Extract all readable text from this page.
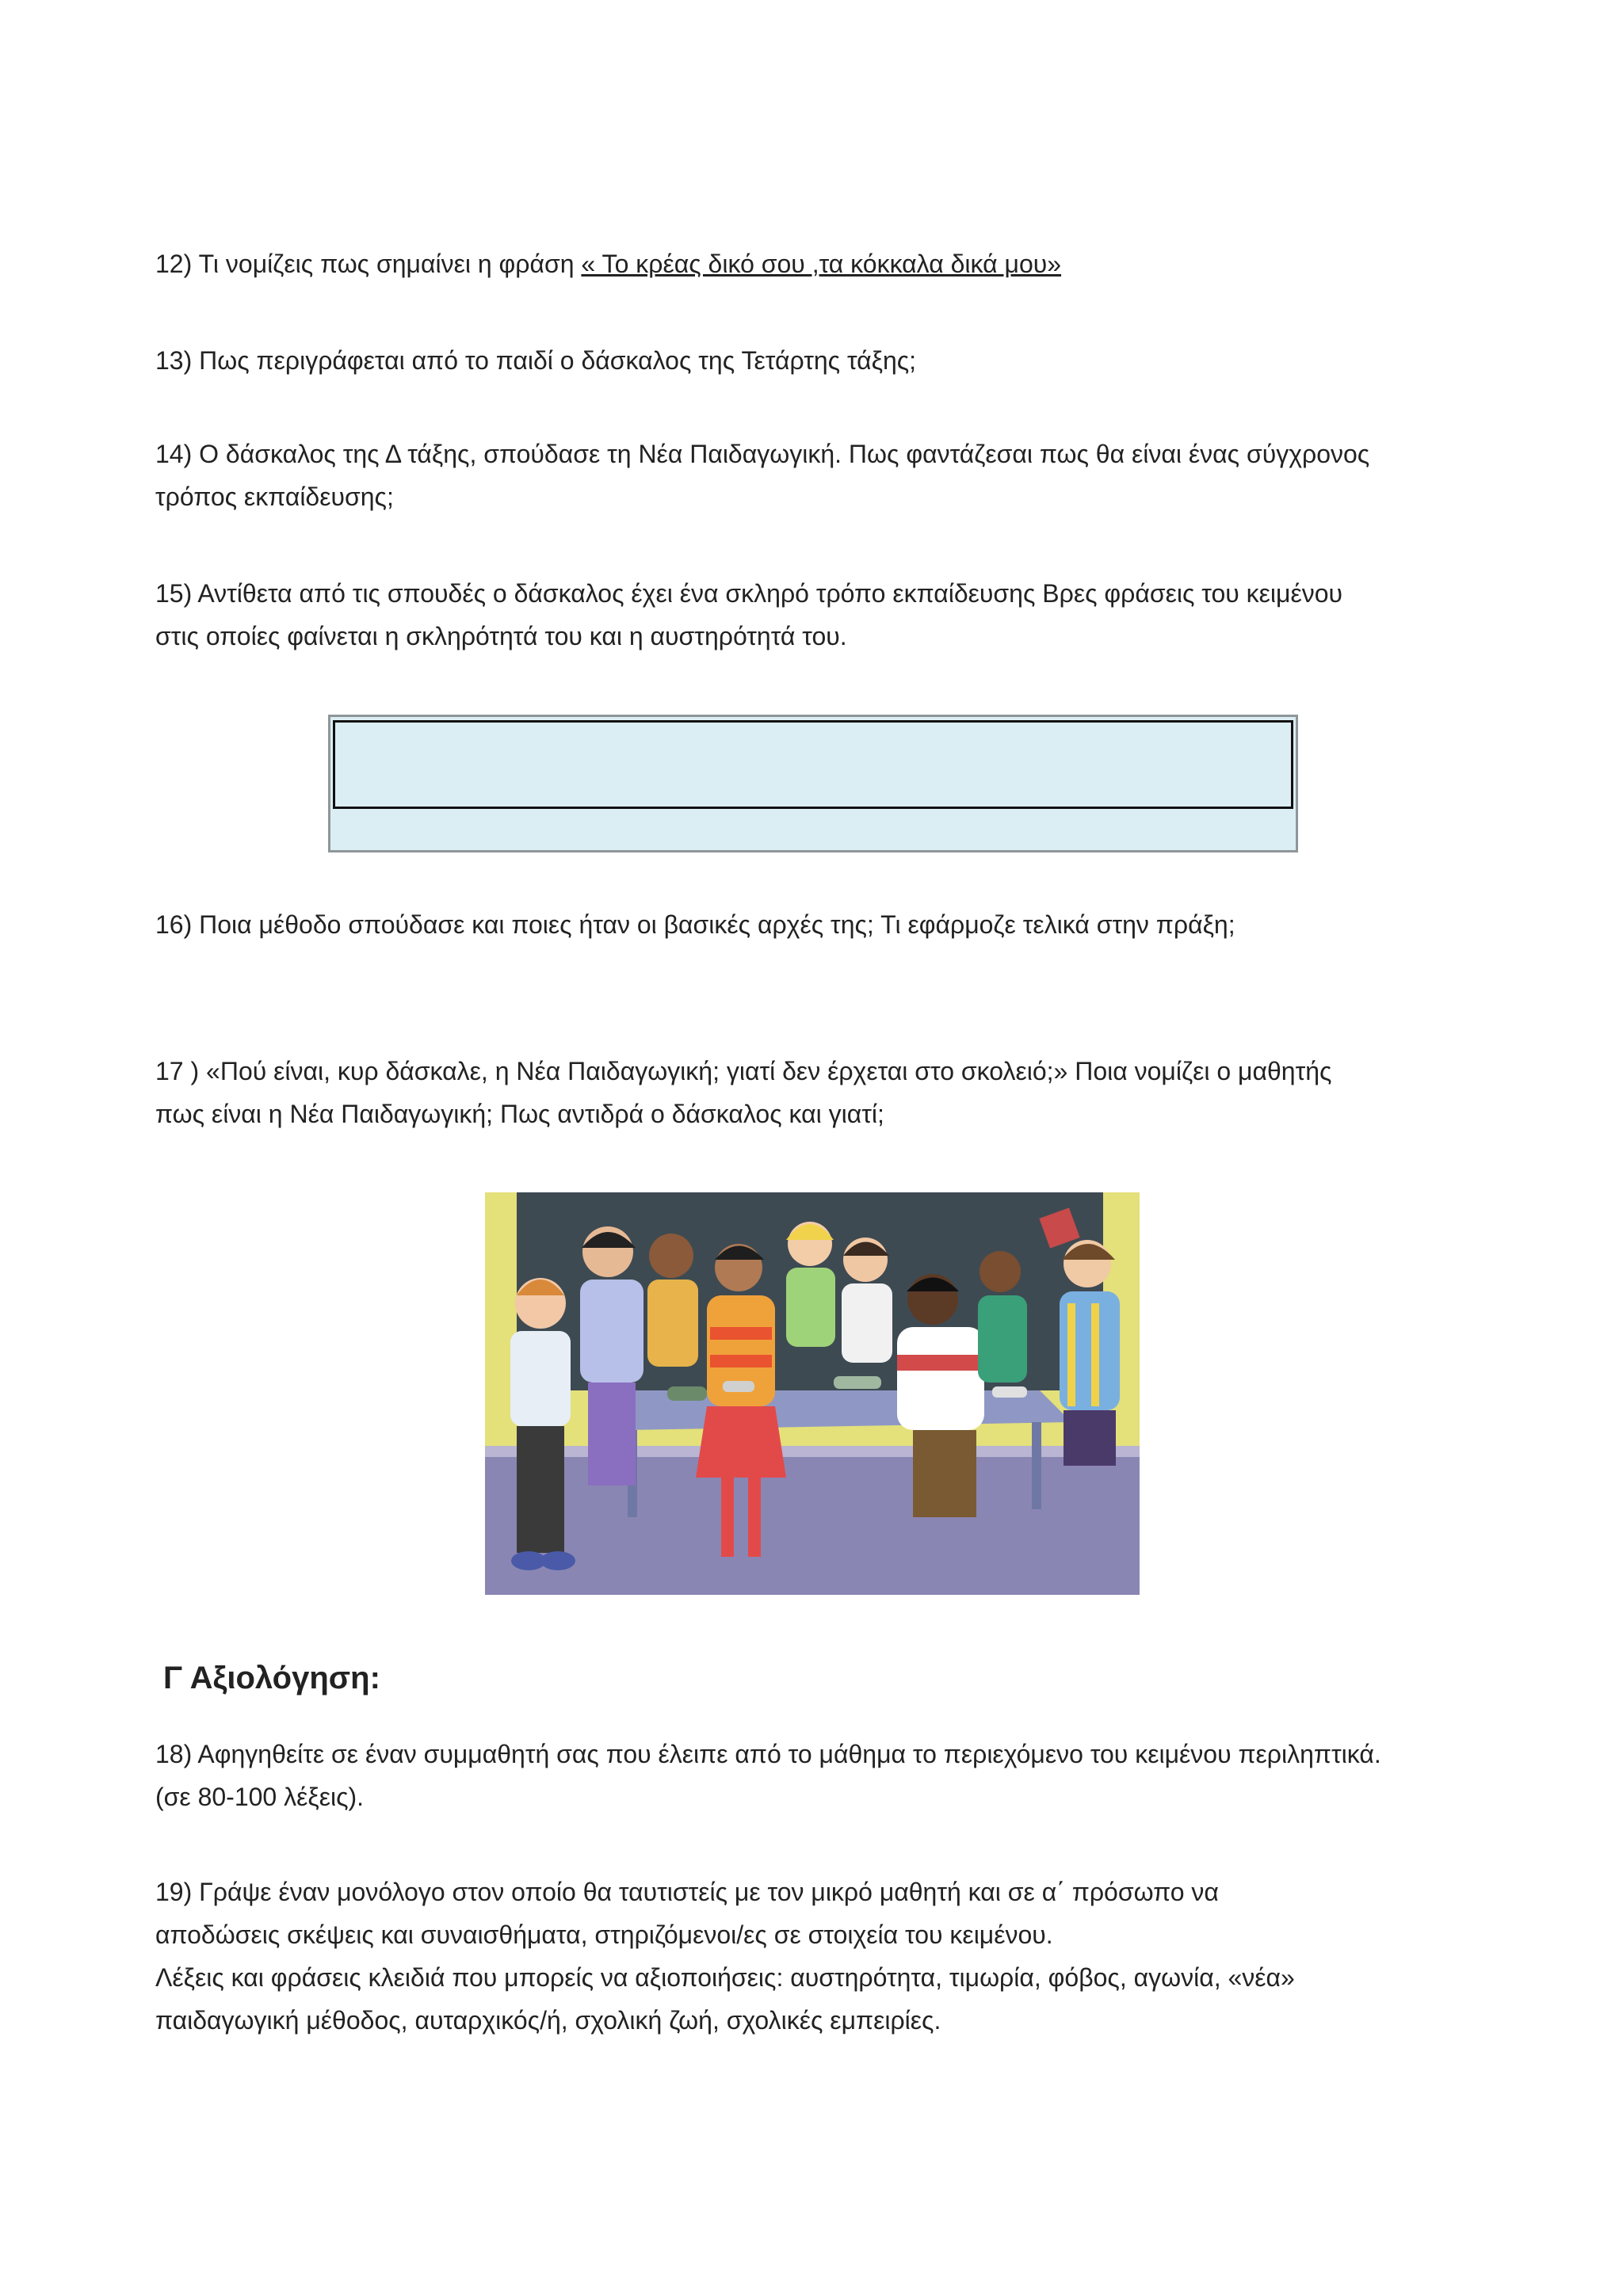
12) Τι νομίζεις πως σημαίνει η φράση « Το κρέας δικό σου ,τα κόκκαλα δικά μου»

13) Πως περιγράφεται από το παιδί ο δάσκαλος της Τετάρτης τάξης;

14) Ο δάσκαλος της Δ τάξης, σπούδασε τη Νέα Παιδαγωγική. Πως φαντάζεσαι πως θα είναι ένας σύγχρονος
τρόπος εκπαίδευσης;
15) Αντίθετα από τις σπουδές ο δάσκαλος έχει ένα σκληρό τρόπο εκπαίδευσης Βρες φράσεις του κειμένου
στις οποίες φαίνεται η σκληρότητά του και η αυστηρότητά του.

16) Ποια μέθοδο σπούδασε και ποιες ήταν οι βασικές αρχές της; Τι εφάρμοζε τελικά στην πράξη;

17 ) «Πού είναι, κυρ δάσκαλε, η Νέα Παιδαγωγική; γιατί δεν έρχεται στο σκολειό;» Ποια νομίζει ο μαθητής
πως είναι η Νέα Παιδαγωγική; Πως αντιδρά ο δάσκαλος και γιατί;
Γ Αξιολόγηση:
18) Αφηγηθείτε σε έναν συμμαθητή σας που έλειπε από το μάθημα το περιεχόμενο του κειμένου περιληπτικά.
(σε 80-100 λέξεις).
19) Γράψε έναν μονόλογο στον οποίο θα ταυτιστείς με τον μικρό μαθητή και σε α΄ πρόσωπο να
αποδώσεις σκέψεις και συναισθήματα, στηριζόμενοι/ες σε στοιχεία του κειμένου.
Λέξεις και φράσεις κλειδιά που μπορείς να αξιοποιήσεις: αυστηρότητα, τιμωρία, φόβος, αγωνία, «νέα»
παιδαγωγική μέθοδος, αυταρχικός/ή, σχολική ζωή, σχολικές εμπειρίες.
